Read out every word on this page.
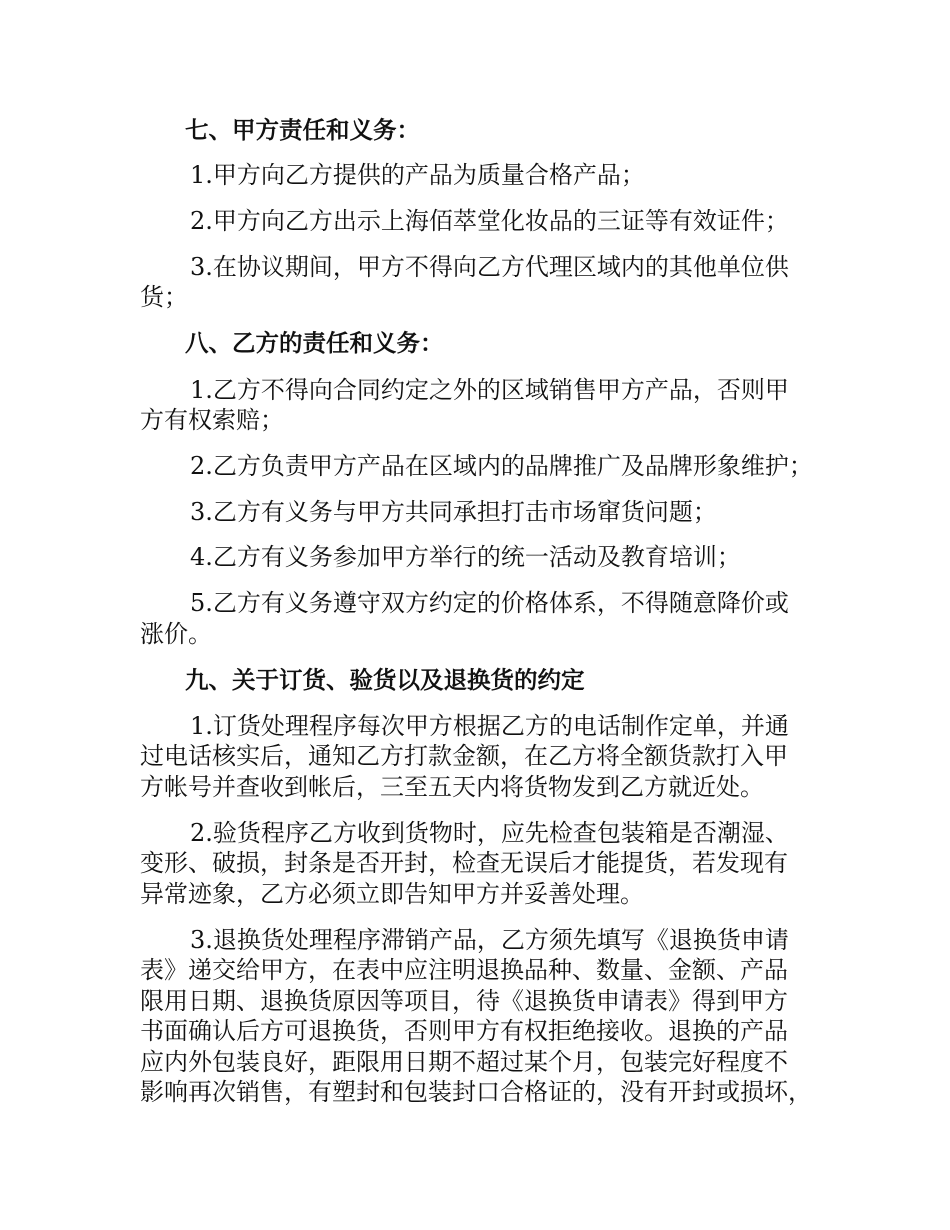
七、甲方责任和义务：
1.甲方向乙方提供的产品为质量合格产品；
2.甲方向乙方出示上海佰萃堂化妆品的三证等有效证件；
3.在协议期间，甲方不得向乙方代理区域内的其他单位供
货；
八、乙方的责任和义务：
1.乙方不得向合同约定之外的区域销售甲方产品，否则甲
方有权索赔；
2.乙方负责甲方产品在区域内的品牌推广及品牌形象维护；
3.乙方有义务与甲方共同承担打击市场窜货问题；
4.乙方有义务参加甲方举行的统一活动及教育培训；
5.乙方有义务遵守双方约定的价格体系，不得随意降价或
涨价。
九、关于订货、验货以及退换货的约定
1.订货处理程序每次甲方根据乙方的电话制作定单，并通
过电话核实后，通知乙方打款金额，在乙方将全额货款打入甲
方帐号并查收到帐后，三至五天内将货物发到乙方就近处。
2.验货程序乙方收到货物时，应先检查包装箱是否潮湿、
变形、破损，封条是否开封，检查无误后才能提货，若发现有
异常迹象，乙方必须立即告知甲方并妥善处理。
3.退换货处理程序滞销产品，乙方须先填写《退换货申请
表》递交给甲方，在表中应注明退换品种、数量、金额、产品
限用日期、退换货原因等项目，待《退换货申请表》得到甲方
书面确认后方可退换货，否则甲方有权拒绝接收。退换的产品
应内外包装良好，距限用日期不超过某个月，包装完好程度不
影响再次销售，有塑封和包装封口合格证的，没有开封或损坏，
